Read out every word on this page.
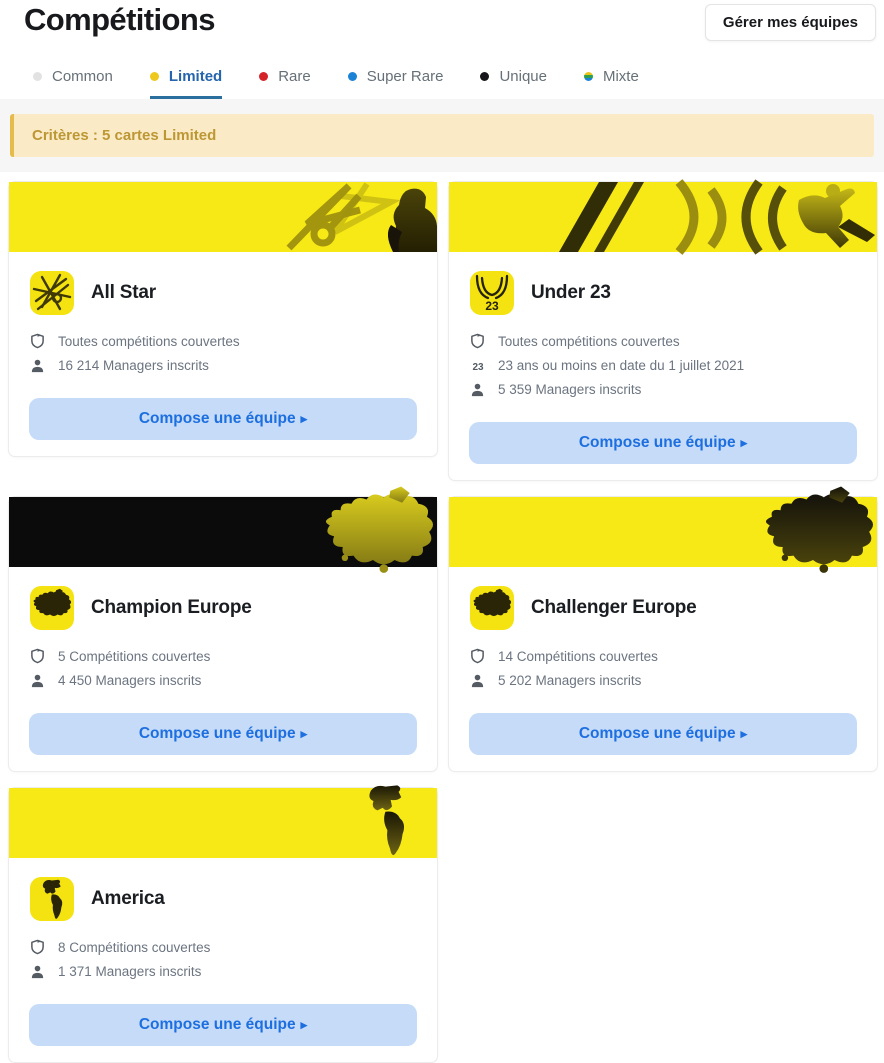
Compétitions	Gérer mes équipes
Common	Limited	Rare	Super Rare	Unique	Mixte
Critères : 5 cartes Limited
All Star
Toutes compétitions couvertes
16 214 Managers inscrits
Compose une équipe ▸
23
Under 23
Toutes compétitions couvertes
23 23 ans ou moins en date du 1 juillet 2021
5 359 Managers inscrits
Compose une équipe ▸
Champion Europe
5 Compétitions couvertes
4 450 Managers inscrits
Compose une équipe ▸
Challenger Europe
14 Compétitions couvertes
5 202 Managers inscrits
Compose une équipe ▸
America
8 Compétitions couvertes
1 371 Managers inscrits
Compose une équipe ▸
